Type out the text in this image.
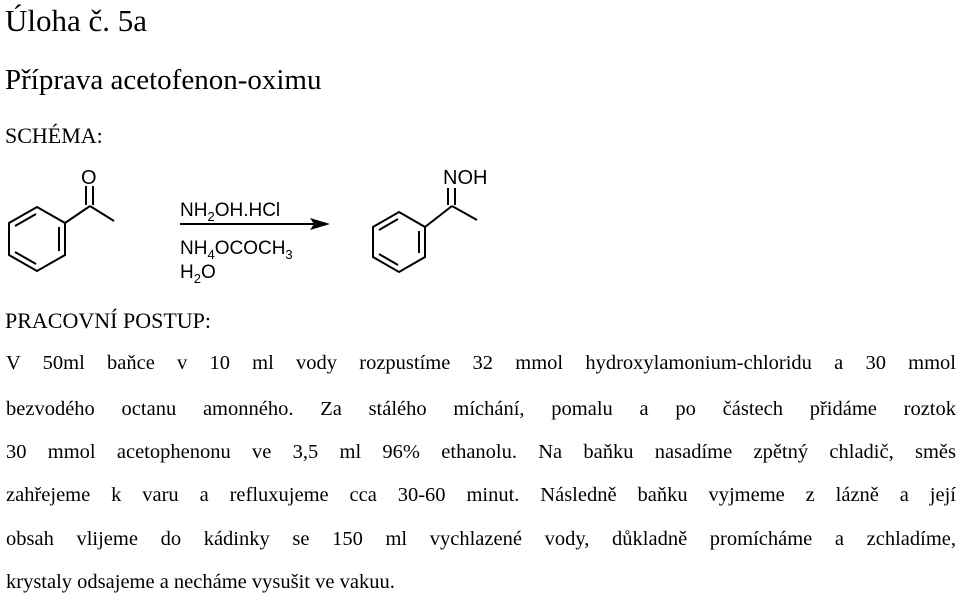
Úloha č. 5a
Příprava acetofenon-oximu
SCHÉMA:
O
$NH_2OH.HCl$
$NH_4OCOCH_3$
$H_2O$
NOH
PRACOVNÍ POSTUP:
V 50ml baňce v 10 ml vody rozpustíme 32 mmol hydroxylamonium-chloridu a 30 mmol
bezvodého octanu amonného. Za stálého míchání, pomalu a po částech přidáme roztok
30 mmol acetophenonu ve 3,5 ml 96% ethanolu. Na baňku nasadíme zpětný chladič, směs
zahřejeme k varu a refluxujeme cca 30-60 minut. Následně baňku vyjmeme z lázně a její
obsah vlijeme do kádinky se 150 ml vychlazené vody, důkladně promícháme a zchladíme,
krystaly odsajeme a necháme vysušit ve vakuu.
